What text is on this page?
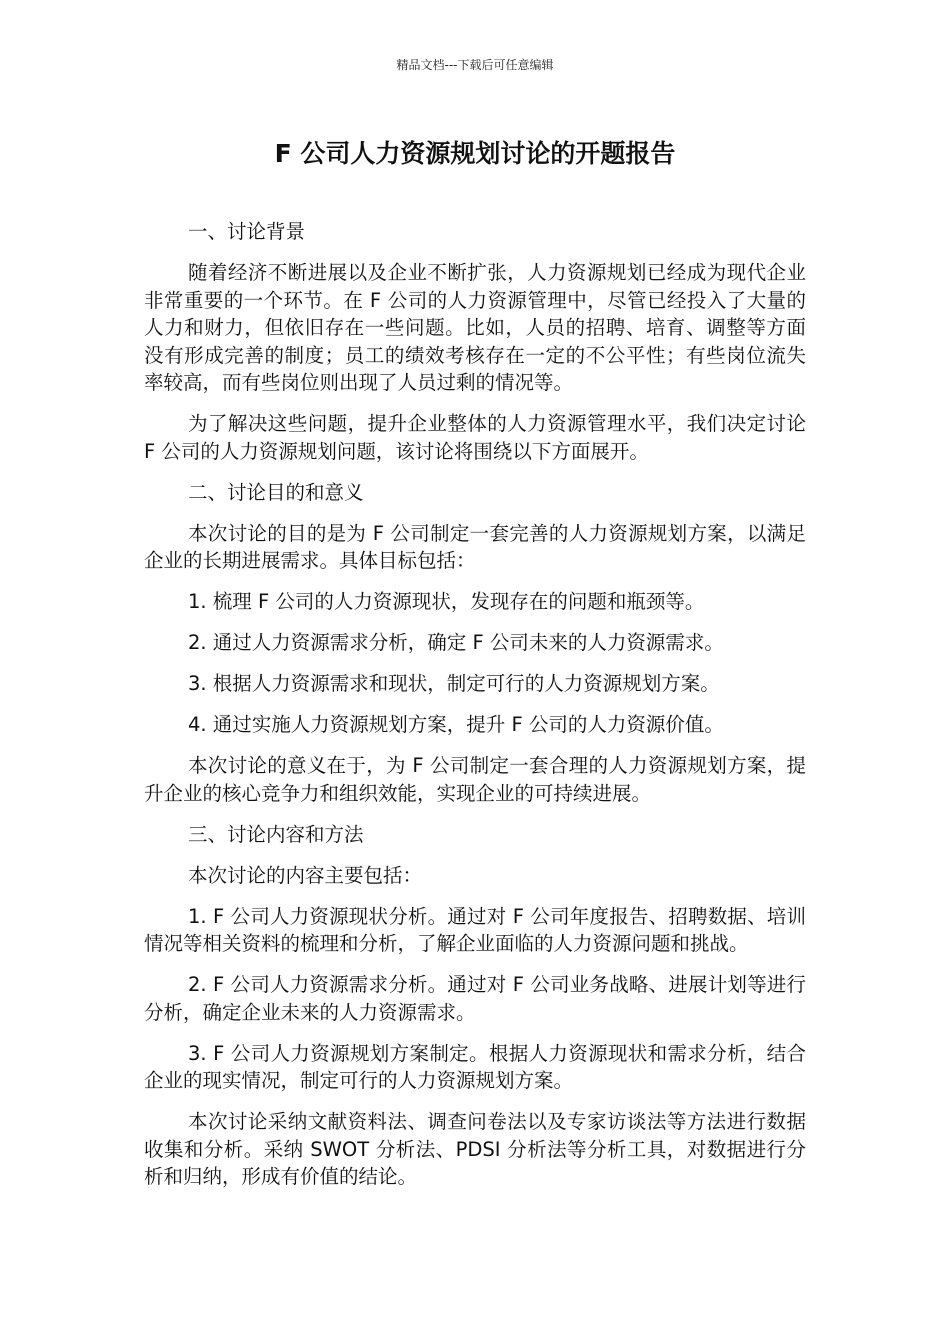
精品文档---下载后可任意编辑
F 公司人力资源规划讨论的开题报告

一、讨论背景

随着经济不断进展以及企业不断扩张，人力资源规划已经成为现代企业非常重要的一个环节。在 F 公司的人力资源管理中，尽管已经投入了大量的人力和财力，但依旧存在一些问题。比如，人员的招聘、培育、调整等方面没有形成完善的制度；员工的绩效考核存在一定的不公平性；有些岗位流失率较高，而有些岗位则出现了人员过剩的情况等。

为了解决这些问题，提升企业整体的人力资源管理水平，我们决定讨论 F 公司的人力资源规划问题，该讨论将围绕以下方面展开。

二、讨论目的和意义

本次讨论的目的是为 F 公司制定一套完善的人力资源规划方案，以满足企业的长期进展需求。具体目标包括：

1. 梳理 F 公司的人力资源现状，发现存在的问题和瓶颈等。

2. 通过人力资源需求分析，确定 F 公司未来的人力资源需求。

3. 根据人力资源需求和现状，制定可行的人力资源规划方案。

4. 通过实施人力资源规划方案，提升 F 公司的人力资源价值。

本次讨论的意义在于，为 F 公司制定一套合理的人力资源规划方案，提升企业的核心竞争力和组织效能，实现企业的可持续进展。

三、讨论内容和方法

本次讨论的内容主要包括：

1. F 公司人力资源现状分析。通过对 F 公司年度报告、招聘数据、培训情况等相关资料的梳理和分析，了解企业面临的人力资源问题和挑战。

2. F 公司人力资源需求分析。通过对 F 公司业务战略、进展计划等进行分析，确定企业未来的人力资源需求。

3. F 公司人力资源规划方案制定。根据人力资源现状和需求分析，结合企业的现实情况，制定可行的人力资源规划方案。

本次讨论采纳文献资料法、调查问卷法以及专家访谈法等方法进行数据收集和分析。采纳 SWOT 分析法、PDSI 分析法等分析工具，对数据进行分析和归纳，形成有价值的结论。
